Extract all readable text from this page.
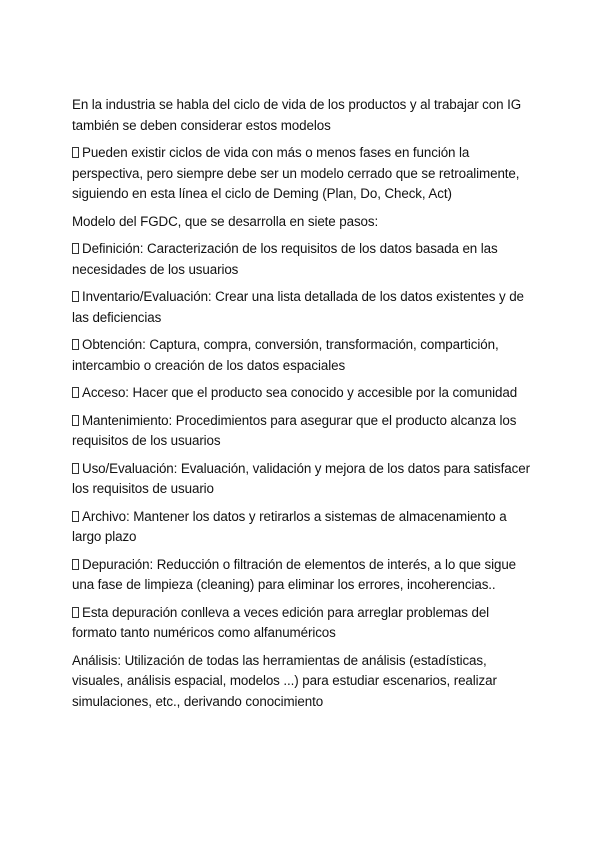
En la industria se habla del ciclo de vida de los productos y al trabajar con IG también se deben considerar estos modelos

Pueden existir ciclos de vida con más o menos fases en función la perspectiva, pero siempre debe ser un modelo cerrado que se retroalimente, siguiendo en esta línea el ciclo de Deming (Plan, Do, Check, Act)

Modelo del FGDC, que se desarrolla en siete pasos:

Definición: Caracterización de los requisitos de los datos basada en las necesidades de los usuarios

Inventario/Evaluación: Crear una lista detallada de los datos existentes y de las deficiencias

Obtención: Captura, compra, conversión, transformación, compartición, intercambio o creación de los datos espaciales

Acceso: Hacer que el producto sea conocido y accesible por la comunidad

Mantenimiento: Procedimientos para asegurar que el producto alcanza los requisitos de los usuarios

Uso/Evaluación: Evaluación, validación y mejora de los datos para satisfacer los requisitos de usuario

Archivo: Mantener los datos y retirarlos a sistemas de almacenamiento a largo plazo

Depuración: Reducción o filtración de elementos de interés, a lo que sigue una fase de limpieza (cleaning) para eliminar los errores, incoherencias..

Esta depuración conlleva a veces edición para arreglar problemas del formato tanto numéricos como alfanuméricos

Análisis: Utilización de todas las herramientas de análisis (estadísticas, visuales, análisis espacial, modelos ...) para estudiar escenarios, realizar simulaciones, etc., derivando conocimiento
